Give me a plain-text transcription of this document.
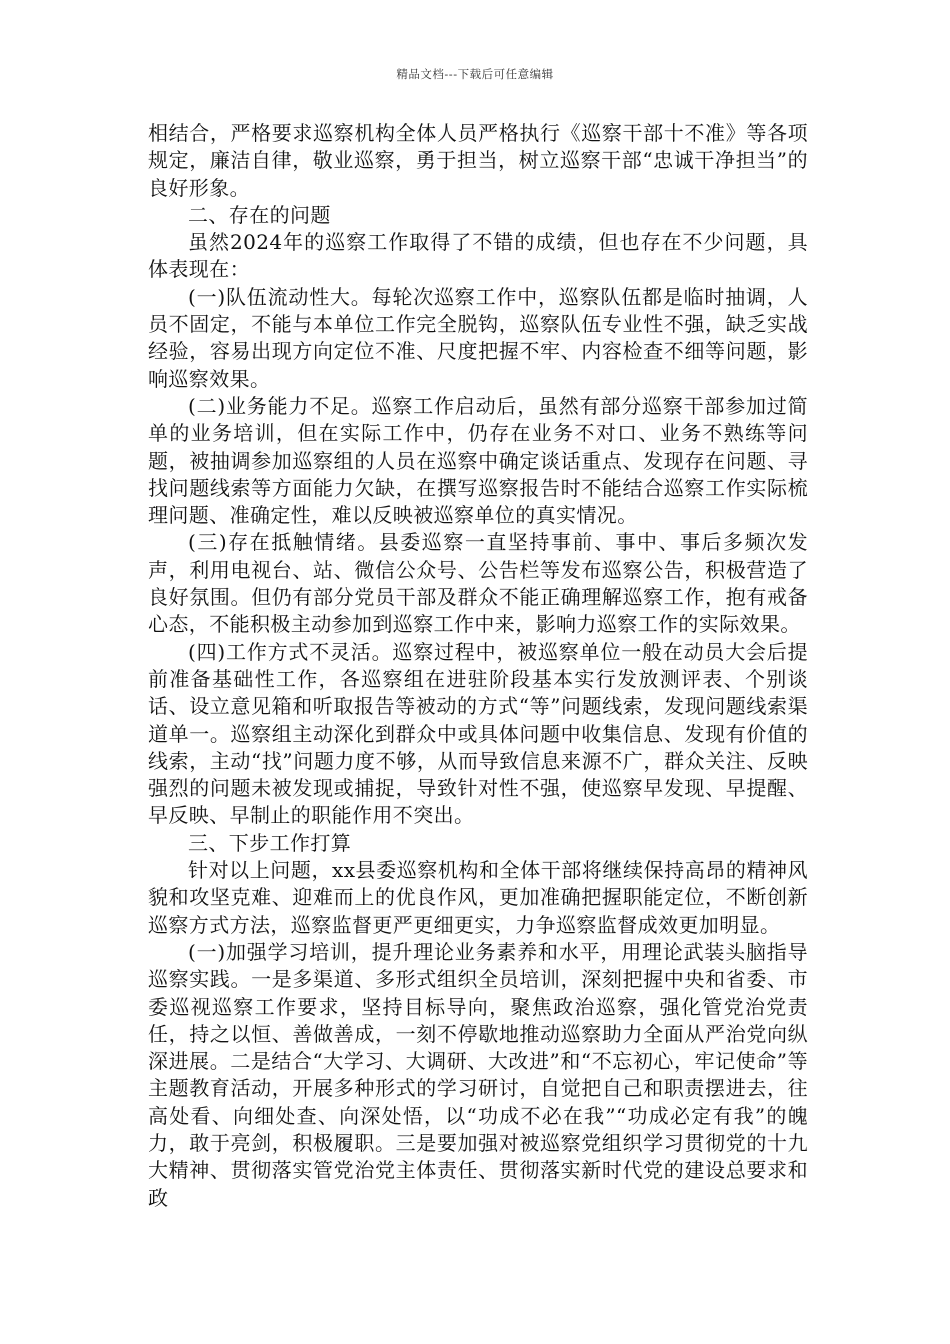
精品文档---下载后可任意编辑

相结合，严格要求巡察机构全体人员严格执行《巡察干部十不准》等各项规定，廉洁自律，敬业巡察，勇于担当，树立巡察干部“忠诚干净担当”的良好形象。

二、存在的问题

虽然2024年的巡察工作取得了不错的成绩，但也存在不少问题，具体表现在：

(一)队伍流动性大。每轮次巡察工作中，巡察队伍都是临时抽调，人员不固定，不能与本单位工作完全脱钩，巡察队伍专业性不强，缺乏实战经验，容易出现方向定位不准、尺度把握不牢、内容检查不细等问题，影响巡察效果。

(二)业务能力不足。巡察工作启动后，虽然有部分巡察干部参加过简单的业务培训，但在实际工作中，仍存在业务不对口、业务不熟练等问题，被抽调参加巡察组的人员在巡察中确定谈话重点、发现存在问题、寻找问题线索等方面能力欠缺，在撰写巡察报告时不能结合巡察工作实际梳理问题、准确定性，难以反映被巡察单位的真实情况。

(三)存在抵触情绪。县委巡察一直坚持事前、事中、事后多频次发声，利用电视台、站、微信公众号、公告栏等发布巡察公告，积极营造了良好氛围。但仍有部分党员干部及群众不能正确理解巡察工作，抱有戒备心态，不能积极主动参加到巡察工作中来，影响力巡察工作的实际效果。

(四)工作方式不灵活。巡察过程中，被巡察单位一般在动员大会后提前准备基础性工作，各巡察组在进驻阶段基本实行发放测评表、个别谈话、设立意见箱和听取报告等被动的方式“等”问题线索，发现问题线索渠道单一。巡察组主动深化到群众中或具体问题中收集信息、发现有价值的线索，主动“找”问题力度不够，从而导致信息来源不广，群众关注、反映强烈的问题未被发现或捕捉，导致针对性不强，使巡察早发现、早提醒、早反映、早制止的职能作用不突出。

三、下步工作打算

针对以上问题，xx县委巡察机构和全体干部将继续保持高昂的精神风貌和攻坚克难、迎难而上的优良作风，更加准确把握职能定位，不断创新巡察方式方法，巡察监督更严更细更实，力争巡察监督成效更加明显。

(一)加强学习培训，提升理论业务素养和水平，用理论武装头脑指导巡察实践。一是多渠道、多形式组织全员培训，深刻把握中央和省委、市委巡视巡察工作要求，坚持目标导向，聚焦政治巡察，强化管党治党责任，持之以恒、善做善成，一刻不停歇地推动巡察助力全面从严治党向纵深进展。二是结合“大学习、大调研、大改进”和“不忘初心，牢记使命”等主题教育活动，开展多种形式的学习研讨，自觉把自己和职责摆进去，往高处看、向细处查、向深处悟，以“功成不必在我”“功成必定有我”的魄力，敢于亮剑，积极履职。三是要加强对被巡察党组织学习贯彻党的十九大精神、贯彻落实管党治党主体责任、贯彻落实新时代党的建设总要求和政
